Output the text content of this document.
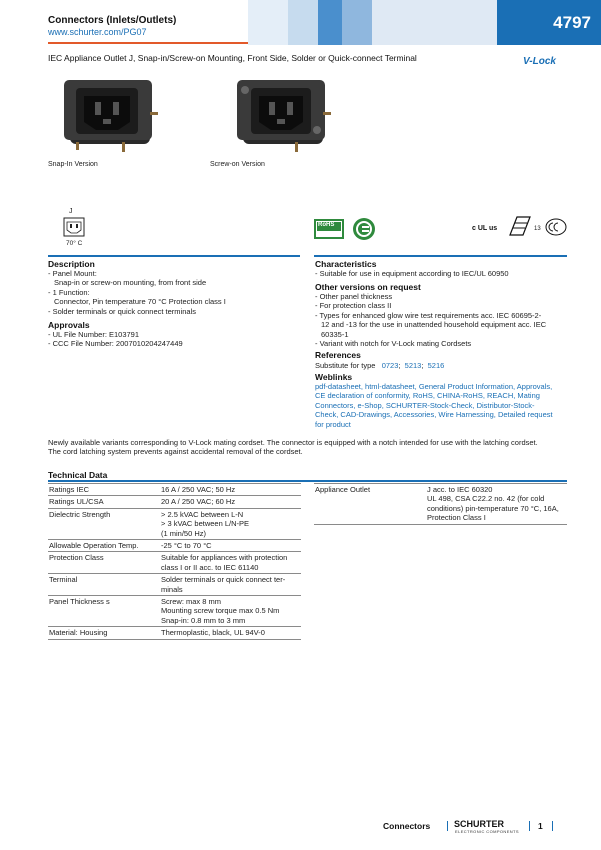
Connectors (Inlets/Outlets)
www.schurter.com/PG07	4797
IEC Appliance Outlet J, Snap-in/Screw-on Mounting, Front Side, Solder or Quick-connect Terminal	V-Lock
Snap-In Version	Screw-on Version
J
70° C
RoHS	c UL us	13
Description
- Panel Mount:
Snap-in or screw-on mounting, from front side
- 1 Function:
Connector, Pin temperature 70 °C Protection class I
- Solder terminals or quick connect terminals
Approvals
- UL File Number: E103791
- CCC File Number: 2007010204247449
Characteristics
- Suitable for use in equipment according to IEC/UL 60950
Other versions on request
- Other panel thickness
- For protection class II
- Types for enhanced glow wire test requirements acc. IEC 60695-2-
12 and -13 for the use in unattended household equipment acc. IEC
60335-1
- Variant with notch for V-Lock mating Cordsets
References
Substitute for type 0723;  5213;  5216
Weblinks
pdf-datasheet, html-datasheet, General Product Information, Approvals,
CE declaration of conformity, RoHS, CHINA-RoHS, REACH, Mating
Connectors, e-Shop, SCHURTER-Stock-Check, Distributor-Stock-
Check, CAD-Drawings, Accessories, Wire Harnessing, Detailed request
for product
Newly available variants corresponding to V-Lock mating cordset. The connector is equipped with a notch intended for use with the latching cordset.
The cord latching system prevents against accidental removal of the cordset.
Technical Data
Ratings IEC	16 A / 250 VAC; 50 Hz

Ratings UL/CSA	20 A / 250 VAC; 60 Hz

Dielectric Strength	> 2.5 kVAC between L-N
> 3 kVAC between L/N-PE
(1 min/50 Hz)

Allowable Operation Temp.	-25 °C to 70 °C

Protection Class	Suitable for appliances with protection
class I or II acc. to IEC 61140

Terminal	Solder terminals or quick connect ter-
minals

Panel Thickness s	Screw: max 8 mm
Mounting screw torque max 0.5 Nm
Snap-in: 0.8 mm to 3 mm

Material: Housing	Thermoplastic, black, UL 94V-0
Appliance Outlet	J acc. to IEC 60320
UL 498, CSA C22.2 no. 42 (for cold
conditions) pin-temperature 70 °C, 16A,
Protection Class I
Connectors	SCHURTER
ELECTRONIC COMPONENTS
1
